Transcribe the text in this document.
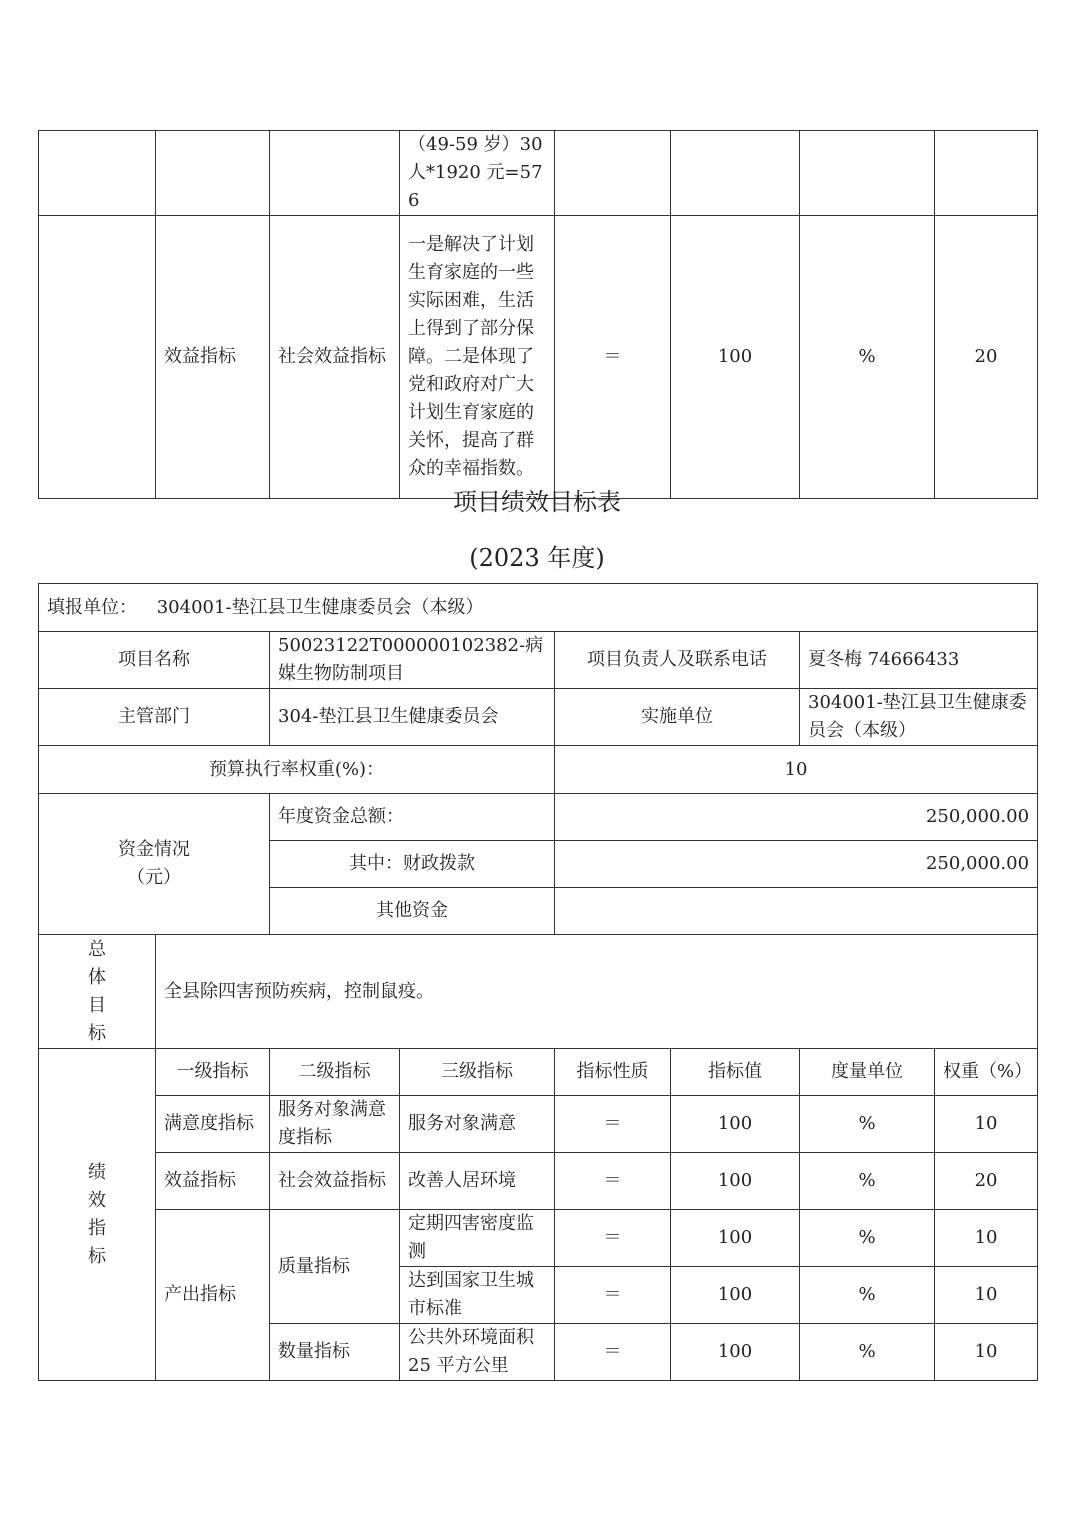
			（49-59 岁）30 人*1920 元=576				
	效益指标	社会效益指标	一是解决了计划生育家庭的一些实际困难，生活上得到了部分保障。二是体现了党和政府对广大计划生育家庭的关怀，提高了群众的幸福指数。	＝	100	%	20
项目绩效目标表
(2023 年度)
填报单位： 304001-垫江县卫生健康委员会（本级）							
项目名称		50023122T000000102382-病媒生物防制项目		项目负责人及联系电话		夏冬梅 74666433	
主管部门		304-垫江县卫生健康委员会		实施单位		304001-垫江县卫生健康委员会（本级）	
预算执行率权重(%)：				10			

资金情况
（元）		年度资金总额：		250,000.00			
		其中：财政拨款		250,000.00			
		其他资金					

总
体
目
标	全县除四害预防疾病，控制鼠疫。						

绩
效
指
标	一级指标	二级指标	三级指标	指标性质	指标值	度量单位	权重（%）
	满意度指标	服务对象满意度指标	服务对象满意	＝	100	%	10
	效益指标	社会效益指标	改善人居环境	＝	100	%	20
	产出指标	质量指标	定期四害密度监测	＝	100	%	10
			达到国家卫生城市标准	＝	100	%	10
		数量指标	公共外环境面积 25 平方公里	＝	100	%	10
